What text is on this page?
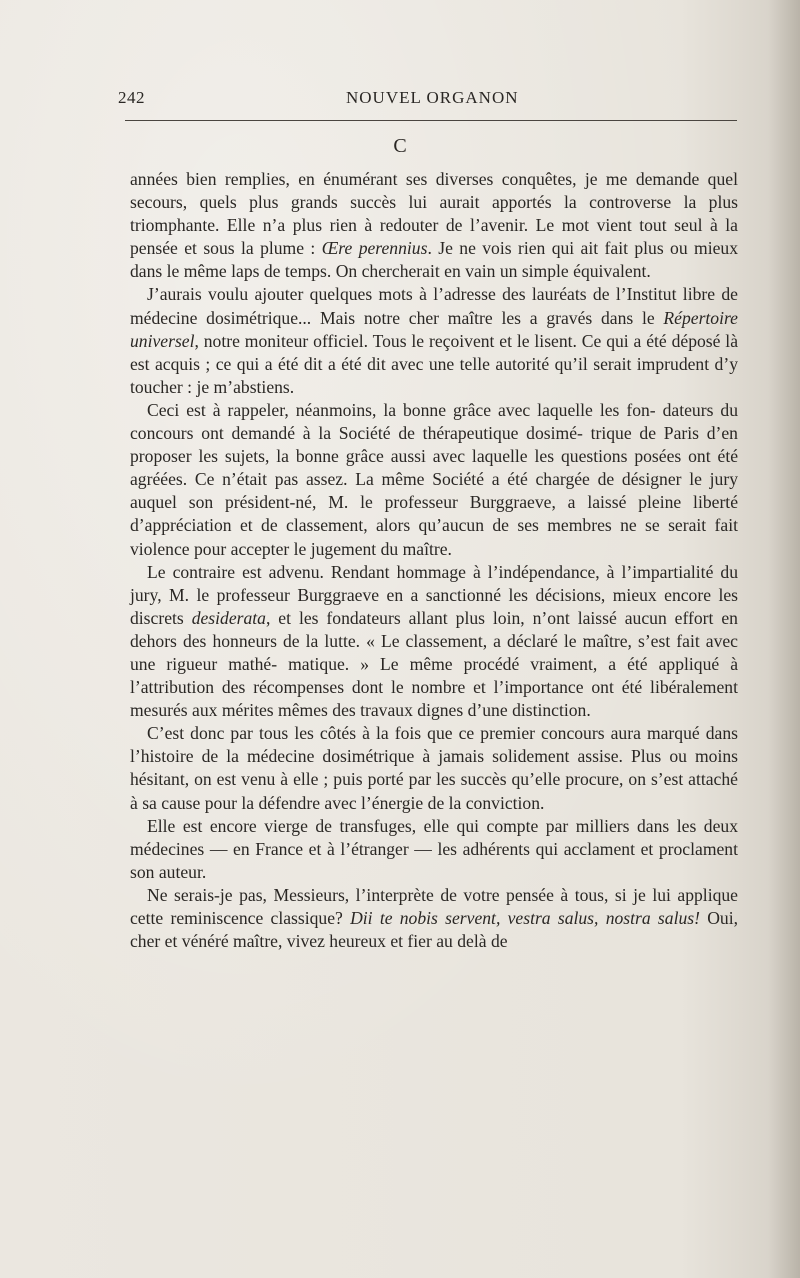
242	NOUVEL ORGANON
C

années bien remplies, en énumérant ses diverses conquêtes, je me demande quel secours, quels plus grands succès lui aurait apportés la controverse la plus triomphante. Elle n’a plus rien à redouter de l’avenir. Le mot vient tout seul à la pensée et sous la plume : Œre perennius. Je ne vois rien qui ait fait plus ou mieux dans le même laps de temps. On chercherait en vain un simple équivalent.

J’aurais voulu ajouter quelques mots à l’adresse des lauréats de l’Institut libre de médecine dosimétrique... Mais notre cher maître les a gravés dans le Répertoire universel, notre moniteur officiel. Tous le reçoivent et le lisent. Ce qui a été déposé là est acquis ; ce qui a été dit a été dit avec une telle autorité qu’il serait imprudent d’y toucher : je m’abstiens.

Ceci est à rappeler, néanmoins, la bonne grâce avec laquelle les fon- dateurs du concours ont demandé à la Société de thérapeutique dosimé- trique de Paris d’en proposer les sujets, la bonne grâce aussi avec laquelle les questions posées ont été agréées. Ce n’était pas assez. La même Société a été chargée de désigner le jury auquel son président-né, M. le professeur Burggraeve, a laissé pleine liberté d’appréciation et de classement, alors qu’aucun de ses membres ne se serait fait violence pour accepter le jugement du maître.

Le contraire est advenu. Rendant hommage à l’indépendance, à l’impartialité du jury, M. le professeur Burggraeve en a sanctionné les décisions, mieux encore les discrets desiderata, et les fondateurs allant plus loin, n’ont laissé aucun effort en dehors des honneurs de la lutte. « Le classement, a déclaré le maître, s’est fait avec une rigueur mathé- matique. » Le même procédé vraiment, a été appliqué à l’attribution des récompenses dont le nombre et l’importance ont été libéralement mesurés aux mérites mêmes des travaux dignes d’une distinction.

C’est donc par tous les côtés à la fois que ce premier concours aura marqué dans l’histoire de la médecine dosimétrique à jamais solidement assise. Plus ou moins hésitant, on est venu à elle ; puis porté par les succès qu’elle procure, on s’est attaché à sa cause pour la défendre avec l’énergie de la conviction.

Elle est encore vierge de transfuges, elle qui compte par milliers dans les deux médecines — en France et à l’étranger — les adhérents qui acclament et proclament son auteur.

Ne serais-je pas, Messieurs, l’interprète de votre pensée à tous, si je lui applique cette reminiscence classique? Dii te nobis servent, vestra salus, nostra salus! Oui, cher et vénéré maître, vivez heureux et fier au delà de
